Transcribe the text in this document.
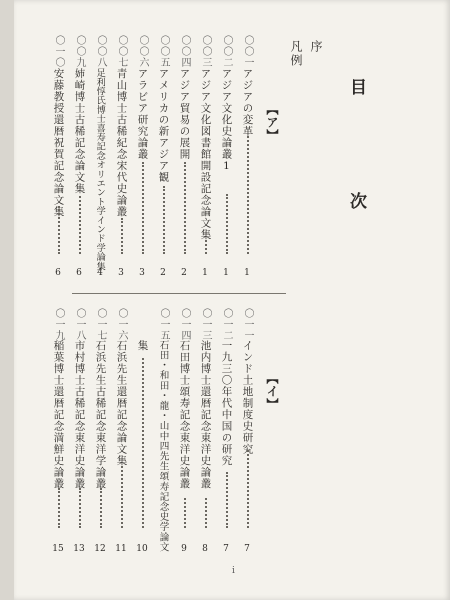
目　次
序
凡例
【ア】
【イ】
〇〇一
アジアの変革
1
〇〇二
アジア文化史論叢1
1
〇〇三
アジア文化図書館開設記念論文集
1
〇〇四
アジア貿易の展開
2
〇〇五
アメリカの新アジア観
2
〇〇六
アラビア研究論叢
3
〇〇七
青山博士古稀紀念宋代史論叢
3
〇〇八
足利惇氏博士喜寿記念オリエント学インド学論集
4
〇〇九
姉崎博士古稀記念論文集
6
〇一〇
安藤教授還暦祝賀記念論文集
6
〇一一
インド土地制度史研究
7
〇一二
一九三〇年代中国の研究
7
〇一三
池内博士還暦記念東洋史論叢
8
〇一四
石田博士頌寿記念東洋史論叢
9
〇一五
石田・和田・龍・山中四先生頌寿記念史学論文
集
10
〇一六
石浜先生還暦記念論文集
11
〇一七
石浜先生古稀記念東洋学論叢
12
〇一八
市村博士古稀記念東洋史論叢
13
〇一九
稲葉博士還暦記念満鮮史論叢
15
i
